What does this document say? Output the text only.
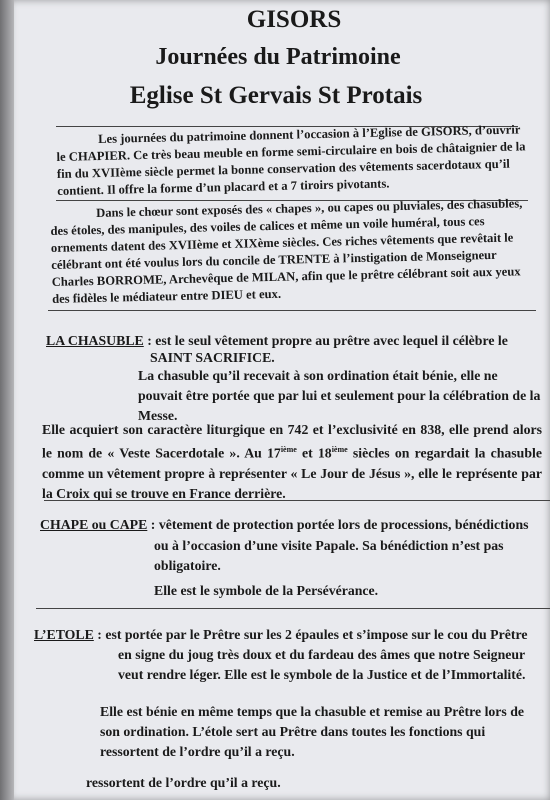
GISORS
Journées du Patrimoine
Eglise St Gervais St Protais

Les journées du patrimoine donnent l’occasion à l’Eglise de GISORS, d’ouvrir le CHAPIER. Ce très beau meuble en forme semi-circulaire en bois de châtaignier de la fin du XVIIème siècle permet la bonne conservation des vêtements sacerdotaux qu’il contient. Il offre la forme d’un placard et a 7 tiroirs pivotants.

Dans le chœur sont exposés des « chapes », ou capes ou pluviales, des chasubles, des étoles, des manipules, des voiles de calices et même un voile huméral, tous ces ornements datent des XVIIème et XIXème siècles. Ces riches vêtements que revêtait le célébrant ont été voulus lors du concile de TRENTE à l’instigation de Monseigneur Charles BORROME, Archevêque de MILAN, afin que le prêtre célébrant soit aux yeux des fidèles le médiateur entre DIEU et eux.

LA CHASUBLE : est le seul vêtement propre au prêtre avec lequel il célèbre le
SAINT SACRIFICE.

La chasuble qu’il recevait à son ordination était bénie, elle ne pouvait être portée que par lui et seulement pour la célébration de la Messe.

Elle acquiert son caractère liturgique en 742 et l’exclusivité en 838, elle prend alors le nom de « Veste Sacerdotale ». Au 17ième et 18ième siècles on regardait la chasuble comme un vêtement propre à représenter « Le Jour de Jésus », elle le représente par la Croix qui se trouve en France derrière.

CHAPE ou CAPE : vêtement de protection portée lors de processions, bénédictions

ou à l’occasion d’une visite Papale. Sa bénédiction n’est pas obligatoire.

Elle est le symbole de la Persévérance.
L’ETOLE : est portée par le Prêtre sur les 2 épaules et s’impose sur le cou du Prêtre

en signe du joug très doux et du fardeau des âmes que notre Seigneur veut rendre léger. Elle est le symbole de la Justice et de l’Immortalité.

Elle est bénie en même temps que la chasuble et remise au Prêtre lors de son ordination. L’étole sert au Prêtre dans toutes les fonctions qui ressortent de l’ordre qu’il a reçu.

ressortent de l’ordre qu’il a reçu.
